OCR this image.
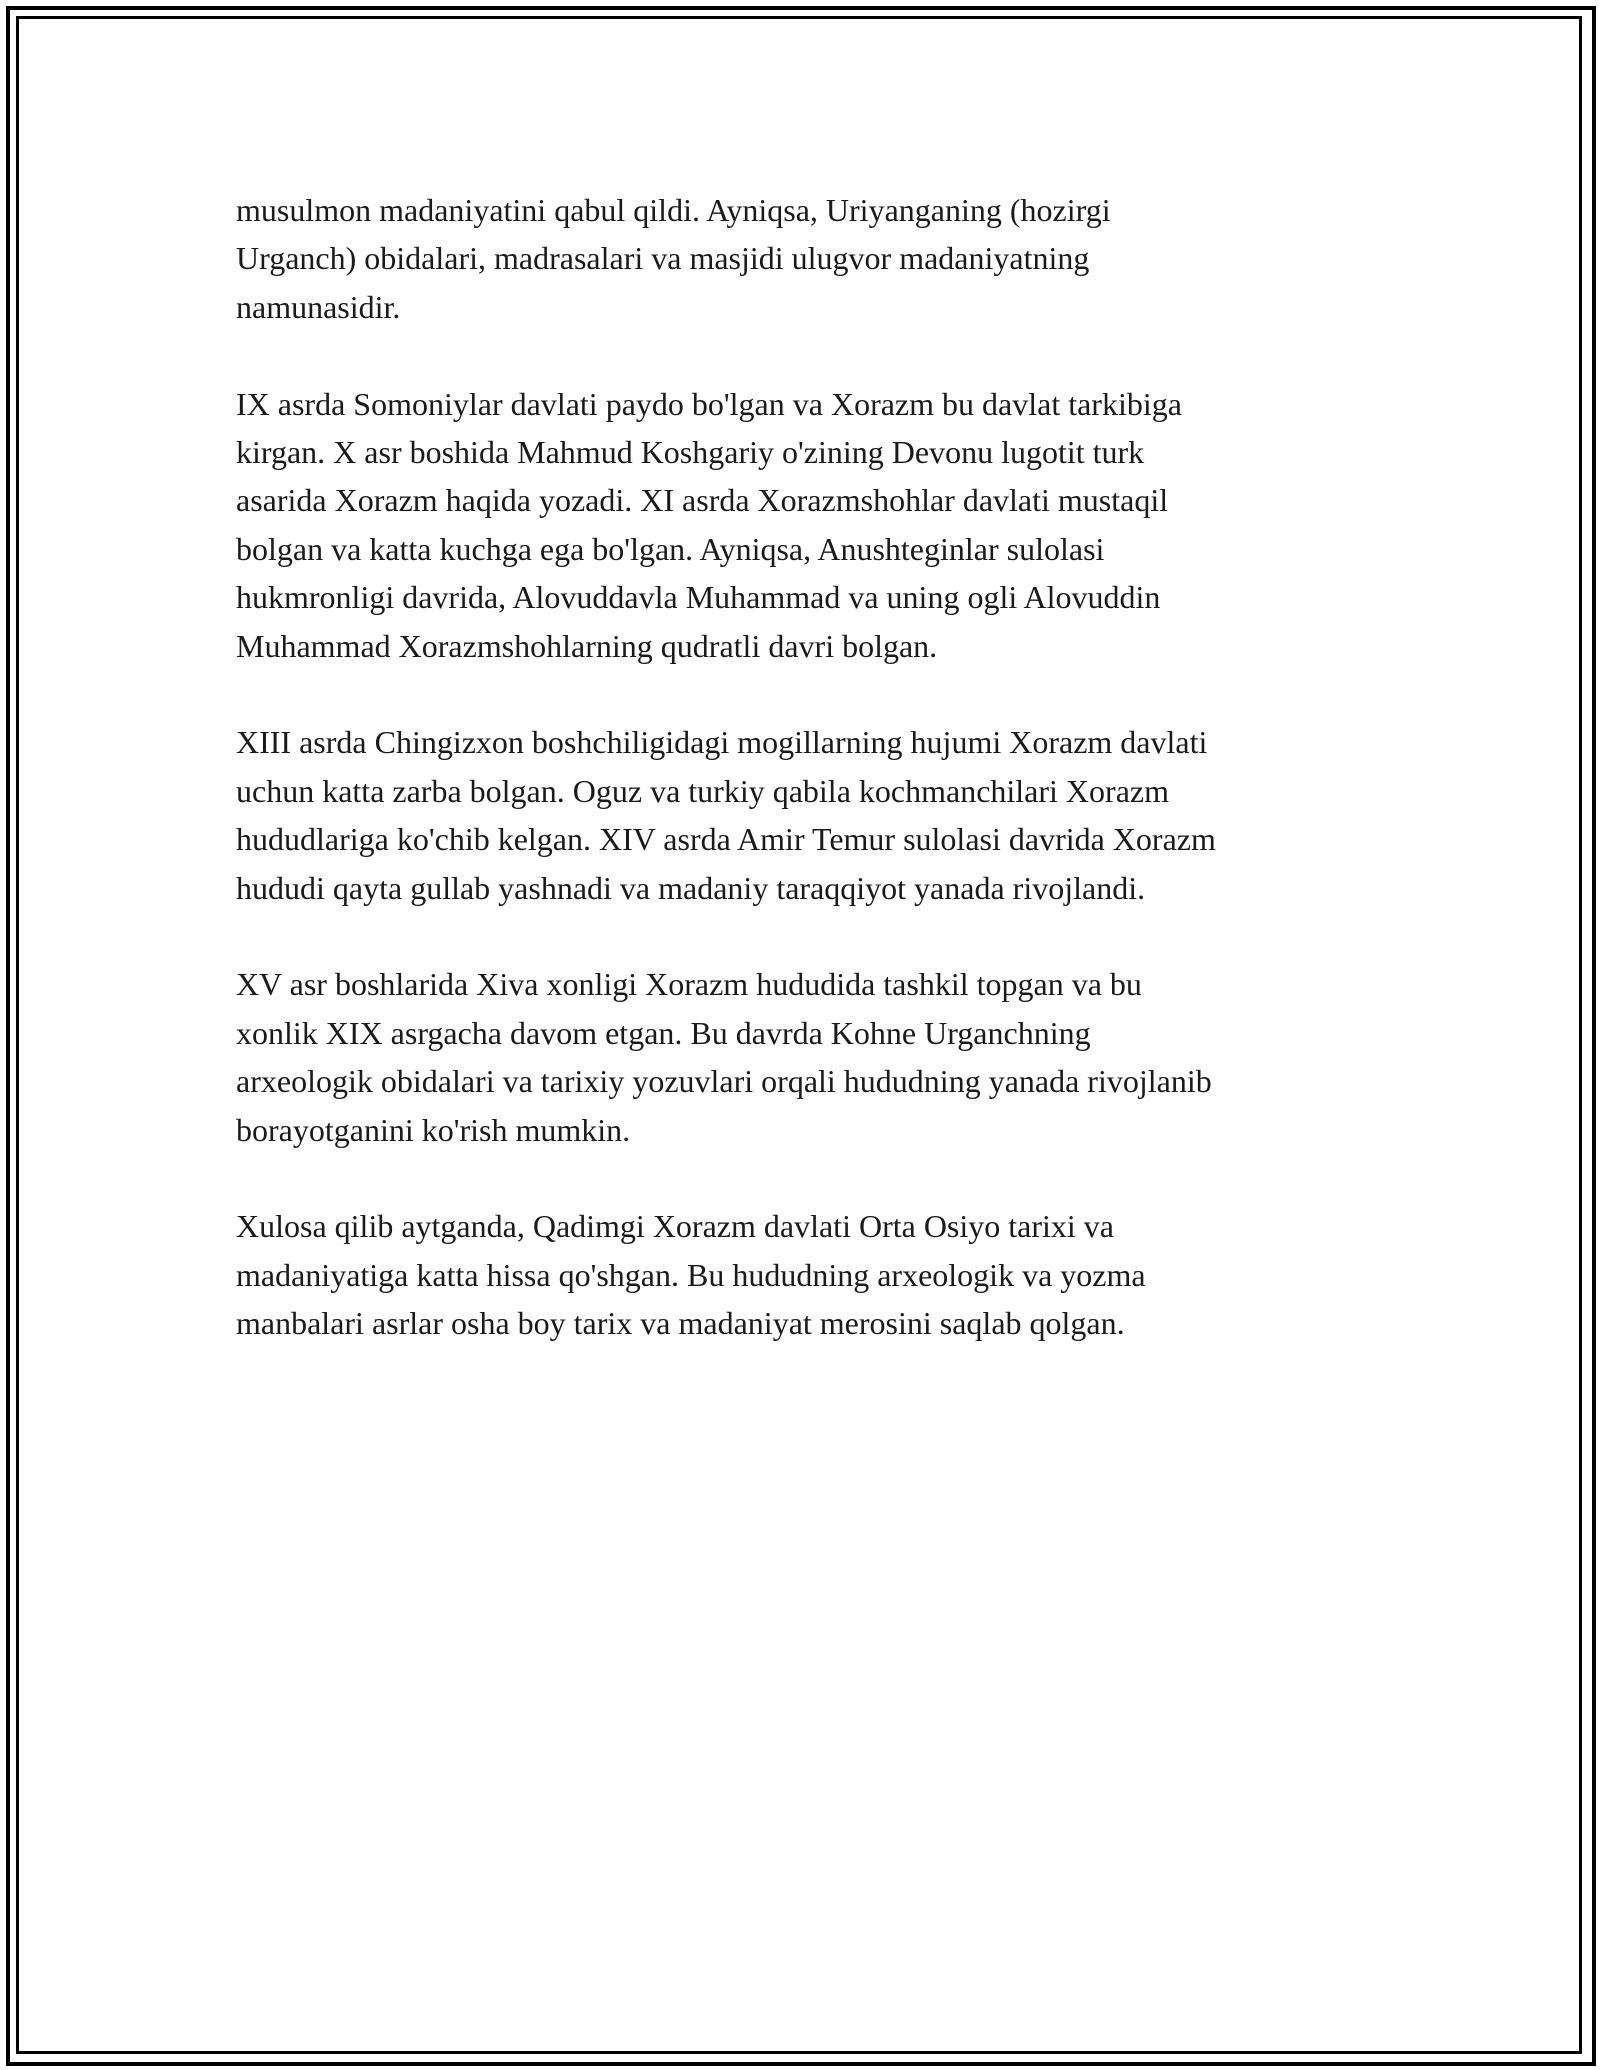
musulmon madaniyatini qabul qildi. Ayniqsa, Uriyanganing (hozirgi
Urganch) obidalari, madrasalari va masjidi ulugvor madaniyatning
namunasidir.

IX asrda Somoniylar davlati paydo bo'lgan va Xorazm bu davlat tarkibiga
kirgan. X asr boshida Mahmud Koshgariy o'zining Devonu lugotit turk
asarida Xorazm haqida yozadi. XI asrda Xorazmshohlar davlati mustaqil
bolgan va katta kuchga ega bo'lgan. Ayniqsa, Anushteginlar sulolasi
hukmronligi davrida, Alovuddavla Muhammad va uning ogli Alovuddin
Muhammad Xorazmshohlarning qudratli davri bolgan.

XIII asrda Chingizxon boshchiligidagi mogillarning hujumi Xorazm davlati
uchun katta zarba bolgan. Oguz va turkiy qabila kochmanchilari Xorazm
hududlariga ko'chib kelgan. XIV asrda Amir Temur sulolasi davrida Xorazm
hududi qayta gullab yashnadi va madaniy taraqqiyot yanada rivojlandi.

XV asr boshlarida Xiva xonligi Xorazm hududida tashkil topgan va bu
xonlik XIX asrgacha davom etgan. Bu davrda Kohne Urganchning
arxeologik obidalari va tarixiy yozuvlari orqali hududning yanada rivojlanib
borayotganini ko'rish mumkin.

Xulosa qilib aytganda, Qadimgi Xorazm davlati Orta Osiyo tarixi va
madaniyatiga katta hissa qo'shgan. Bu hududning arxeologik va yozma
manbalari asrlar osha boy tarix va madaniyat merosini saqlab qolgan.
